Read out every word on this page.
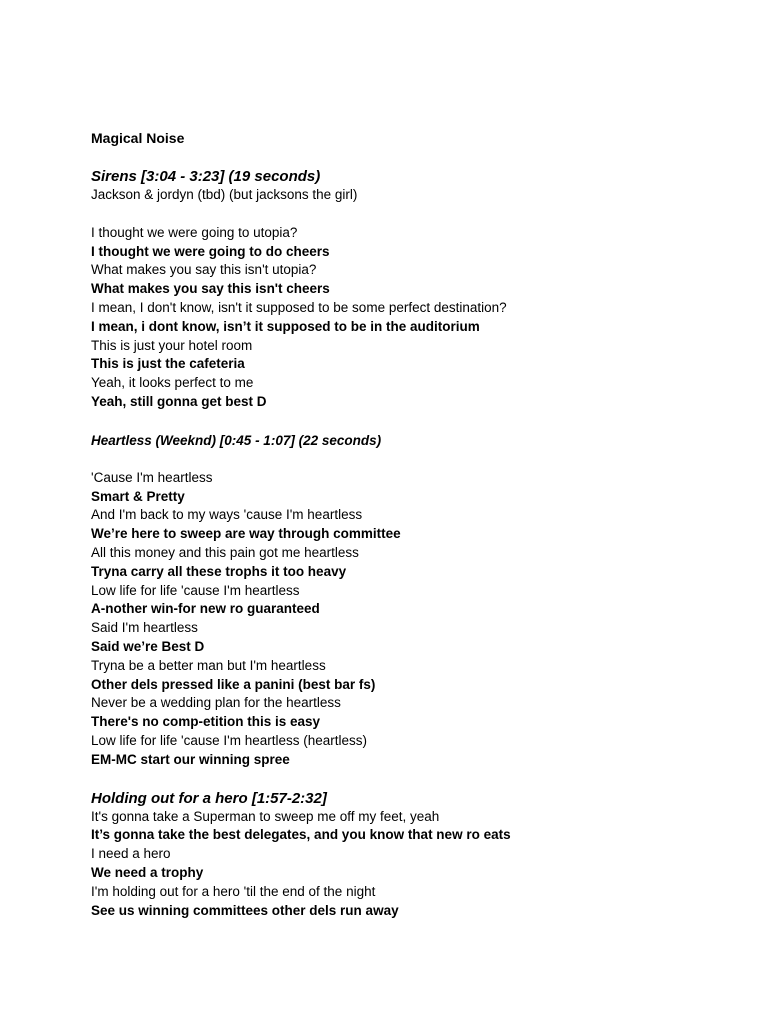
Magical Noise
Sirens [3:04 - 3:23] (19 seconds)
Jackson & jordyn (tbd) (but jacksons the girl)
I thought we were going to utopia?
I thought we were going to do cheers
What makes you say this isn't utopia?
What makes you say this isn't cheers
I mean, I don't know, isn't it supposed to be some perfect destination?
I mean, i dont know, isn’t it supposed to be in the auditorium
This is just your hotel room
This is just the cafeteria
Yeah, it looks perfect to me
Yeah, still gonna get best D
Heartless (Weeknd) [0:45 - 1:07] (22 seconds)
'Cause I'm heartless
Smart & Pretty
And I'm back to my ways 'cause I'm heartless
We’re here to sweep are way through committee
All this money and this pain got me heartless
Tryna carry all these trophs it too heavy
Low life for life 'cause I'm heartless
A-nother win-for new ro guaranteed
Said I'm heartless
Said we’re Best D
Tryna be a better man but I'm heartless
Other dels pressed like a panini (best bar fs)
Never be a wedding plan for the heartless
There's no comp-etition this is easy
Low life for life 'cause I'm heartless (heartless)
EM-MC start our winning spree
Holding out for a hero [1:57-2:32]
It's gonna take a Superman to sweep me off my feet, yeah
It’s gonna take the best delegates, and you know that new ro eats
I need a hero
We need a trophy
I'm holding out for a hero 'til the end of the night
See us winning committees other dels run away
